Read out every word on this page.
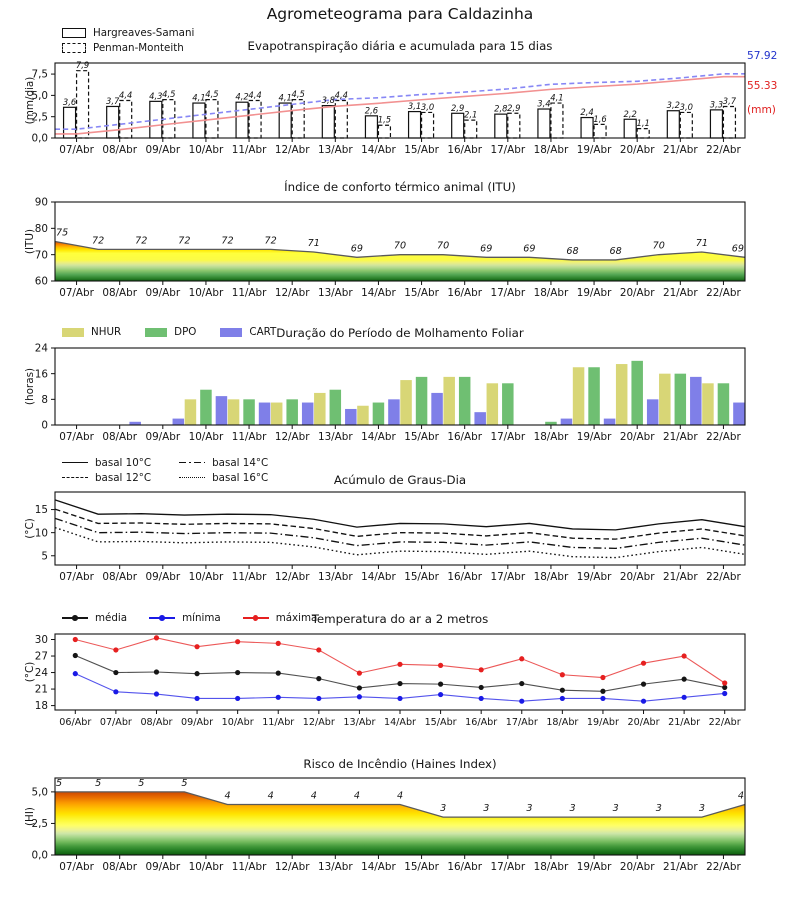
3,6
7,9
3,7
4,4 4,3 4,5 4,1 4,5 4,2 4,4 4,1 4,5
3,8
4,4
2,6
1,5
3,1 3,0 2,9
2,1
2,8 2,9 3,4
4,1
2,4
1,6
2,2
1,1
3,2 3,0 3,3 3,7
0,0
2,5
5,0
7,5
07/Abr 08/Abr 09/Abr 10/Abr 11/Abr 12/Abr 13/Abr 14/Abr 15/Abr 16/Abr 17/Abr 18/Abr 19/Abr 20/Abr 21/Abr 22/Abr
(mm/dia)
75
72	72	72	72	72	71	69	70	70	69	69	68	68	70	71 69
60
70
80
90
07/Abr 08/Abr 09/Abr 10/Abr 11/Abr 12/Abr 13/Abr 14/Abr 15/Abr 16/Abr 17/Abr 18/Abr 19/Abr 20/Abr 21/Abr 22/Abr
(ITU)
0
8
16
24
07/Abr 08/Abr 09/Abr 10/Abr 11/Abr 12/Abr 13/Abr 14/Abr 15/Abr 16/Abr 17/Abr 18/Abr 19/Abr 20/Abr 21/Abr 22/Abr
(horas)
5
10
15
07/Abr 08/Abr 09/Abr 10/Abr 11/Abr 12/Abr 13/Abr 14/Abr 15/Abr 16/Abr 17/Abr 18/Abr 19/Abr 20/Abr 21/Abr 22/Abr
(°C)
18
21
24
27
30
06/Abr 07/Abr 08/Abr 09/Abr 10/Abr 11/Abr 12/Abr 13/Abr 14/Abr 15/Abr 16/Abr 17/Abr 18/Abr 19/Abr 20/Abr 21/Abr 22/Abr
(°C)
5	5	5	5
4	4	4	4	4
3	3	3	3	3	3	3
4
0,0
2,5
5,0
07/Abr 08/Abr 09/Abr 10/Abr 11/Abr 12/Abr 13/Abr 14/Abr 15/Abr 16/Abr 17/Abr 18/Abr 19/Abr 20/Abr 21/Abr 22/Abr
(HI)
Agrometeograma para Caldazinha
Evapotranspiração diária e acumulada para 15 dias
Índice de conforto térmico animal (ITU)
Duração do Período de Molhamento Foliar
Acúmulo de Graus-Dia
Temperatura do ar a 2 metros
Risco de Incêndio (Haines Index)
Hargreaves-Samani
Penman-Monteith
NHUR	DPO	CART
basal 10°C
basal 12°C
basal 14°C
basal 16°C
média	mínima	máxima
57.92
55.33
(mm)
